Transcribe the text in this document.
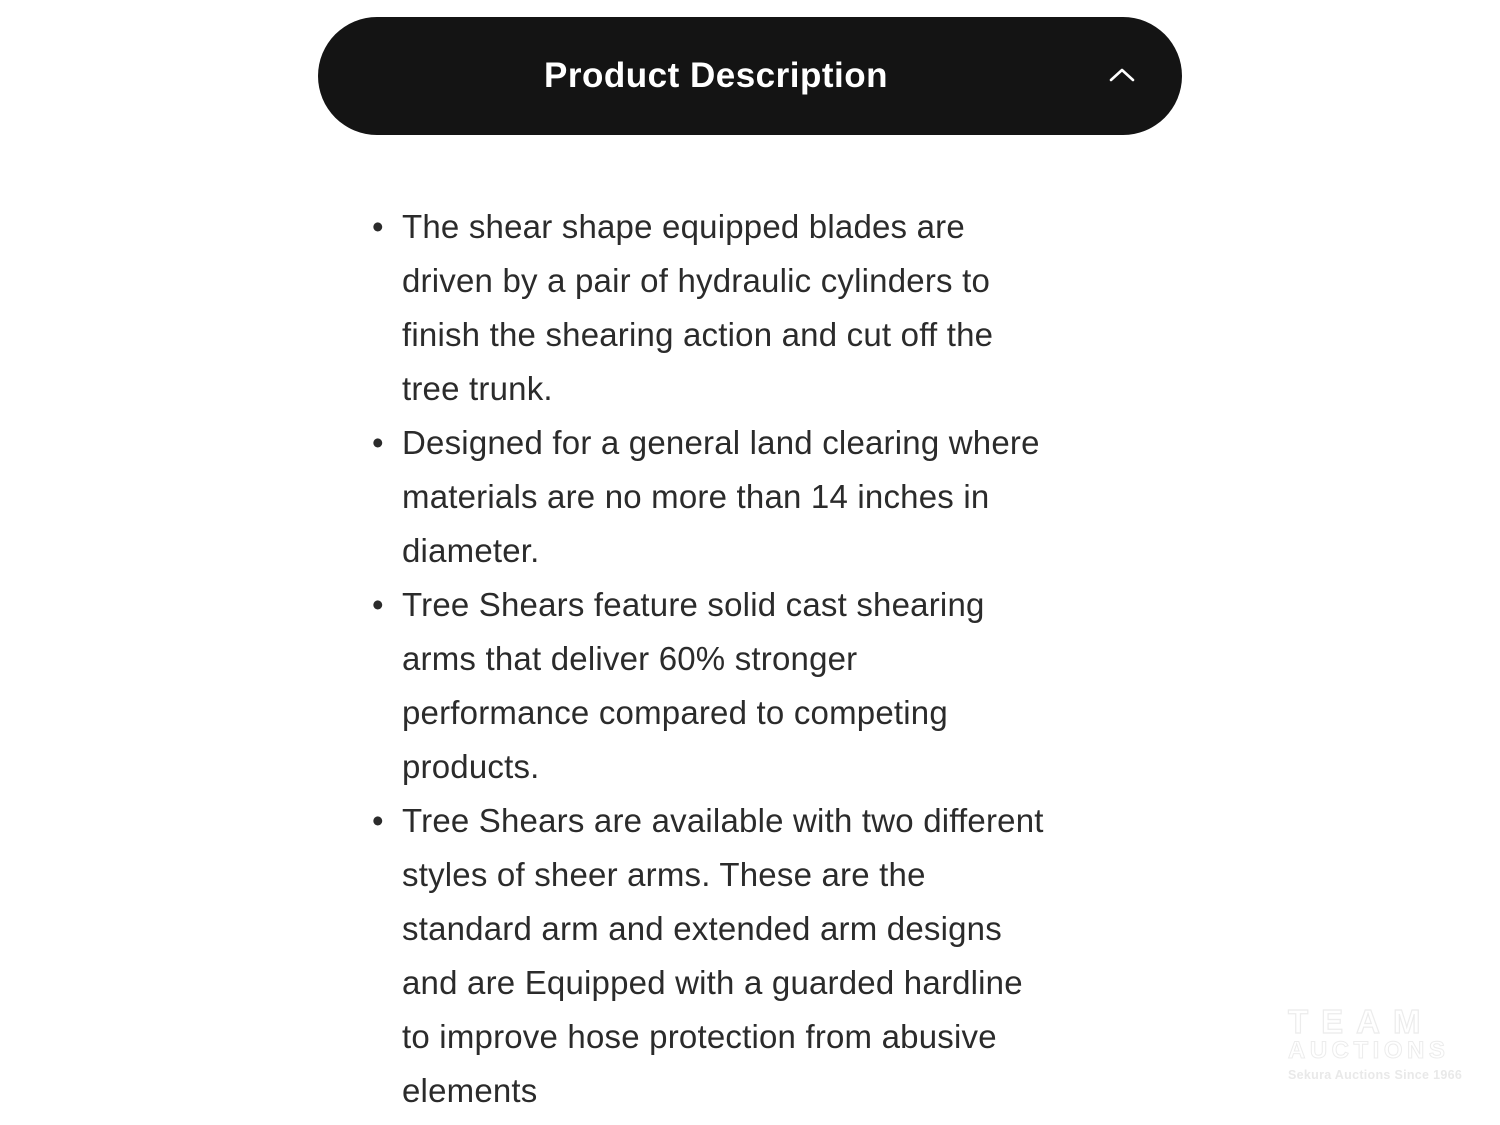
Product Description
• The shear shape equipped blades are driven by a pair of hydraulic cylinders to finish the shearing action and cut off the tree trunk.
• Designed for a general land clearing where materials are no more than 14 inches in diameter.
• Tree Shears feature solid cast shearing arms that deliver 60% stronger performance compared to competing products.
• Tree Shears are available with two different styles of sheer arms. These are the standard arm and extended arm designs and are Equipped with a guarded hardline to improve hose protection from abusive elements
TEAM
AUCTIONS
Sekura Auctions Since 1966
